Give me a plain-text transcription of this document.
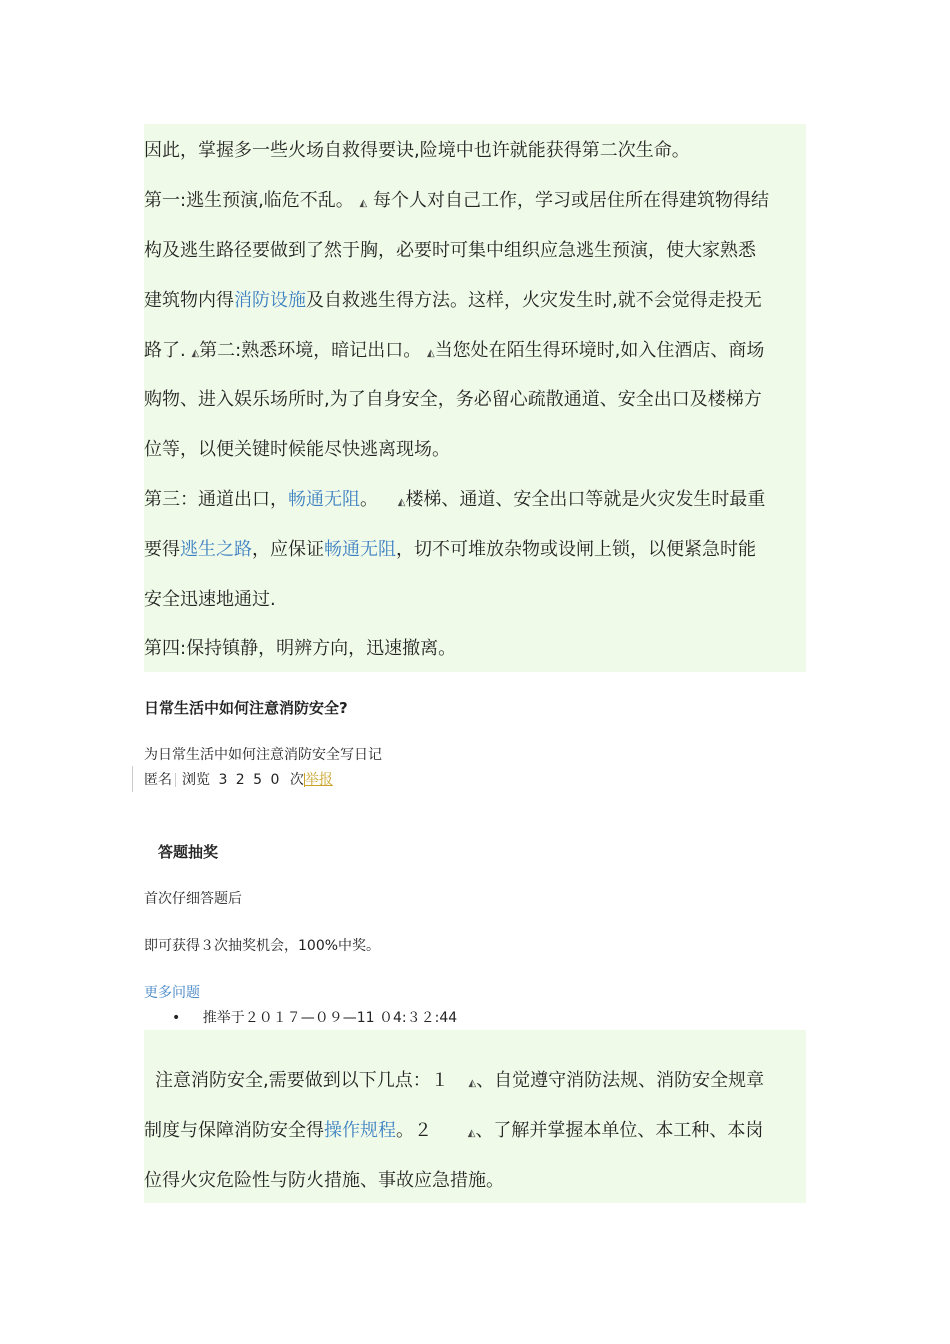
因此，掌握多一些火场自救得要诀,险境中也许就能获得第二次生命。
第一:逃生预演,临危不乱。 ◭ 每个人对自己工作，学习或居住所在得建筑物得结
构及逃生路径要做到了然于胸，必要时可集中组织应急逃生预演，使大家熟悉
建筑物内得消防设施及自救逃生得方法。这样，火灾发生时,就不会觉得走投无
路了. ◭第二:熟悉环境，暗记出口。 ◭当您处在陌生得环境时,如入住酒店、商场
购物、进入娱乐场所时,为了自身安全，务必留心疏散通道、安全出口及楼梯方
位等，以便关键时候能尽快逃离现场。
第三：通道出口，畅通无阻。 ◭楼梯、通道、安全出口等就是火灾发生时最重
要得逃生之路，应保证畅通无阻，切不可堆放杂物或设闸上锁，以便紧急时能
安全迅速地通过.
第四:保持镇静，明辨方向，迅速撤离。
日常生活中如何注意消防安全?
为日常生活中如何注意消防安全写日记
匿名 浏览 3 2 5 0 次举报
答题抽奖
首次仔细答题后
即可获得３次抽奖机会，100%中奖。
更多问题
• 推举于２０１７—０９—11 ０4:３２:44
注意消防安全,需要做到以下几点：１ ◭、自觉遵守消防法规、消防安全规章
制度与保障消防安全得操作规程。２	◭、了解并掌握本单位、本工种、本岗
位得火灾危险性与防火措施、事故应急措施。
